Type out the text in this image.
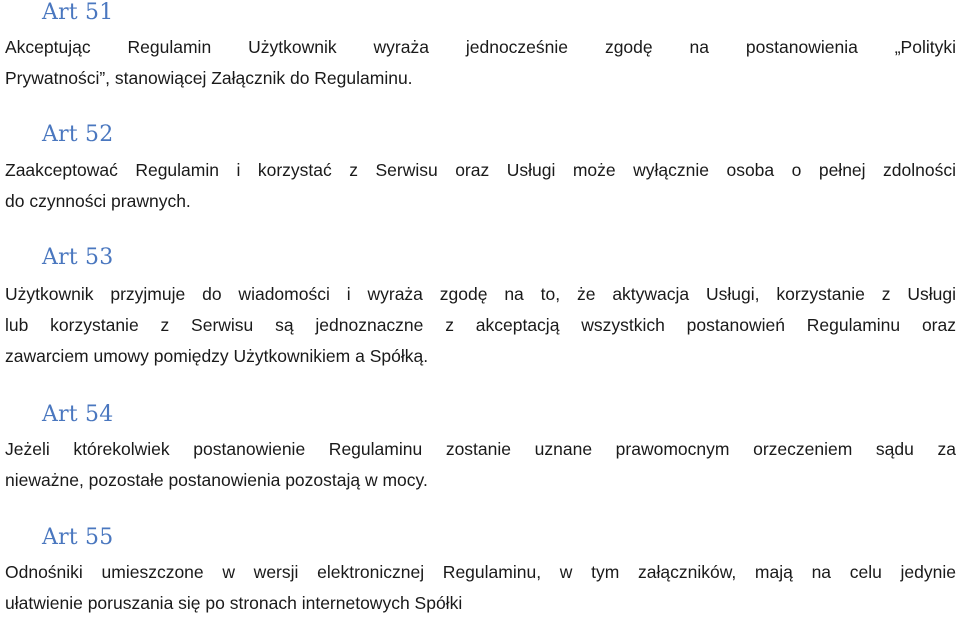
Art 51
Akceptując Regulamin Użytkownik wyraża jednocześnie zgodę na postanowienia „Polityki
Prywatności”, stanowiącej Załącznik do Regulaminu.
Art 52
Zaakceptować Regulamin i korzystać z Serwisu oraz Usługi może wyłącznie osoba o pełnej zdolności
do czynności prawnych.
Art 53
Użytkownik przyjmuje do wiadomości i wyraża zgodę na to, że aktywacja Usługi, korzystanie z Usługi
lub korzystanie z Serwisu są jednoznaczne z akceptacją wszystkich postanowień Regulaminu oraz
zawarciem umowy pomiędzy Użytkownikiem a Spółką.
Art 54
Jeżeli którekolwiek postanowienie Regulaminu zostanie uznane prawomocnym orzeczeniem sądu za
nieważne, pozostałe postanowienia pozostają w mocy.
Art 55
Odnośniki umieszczone w wersji elektronicznej Regulaminu, w tym załączników, mają na celu jedynie
ułatwienie poruszania się po stronach internetowych Spółki
